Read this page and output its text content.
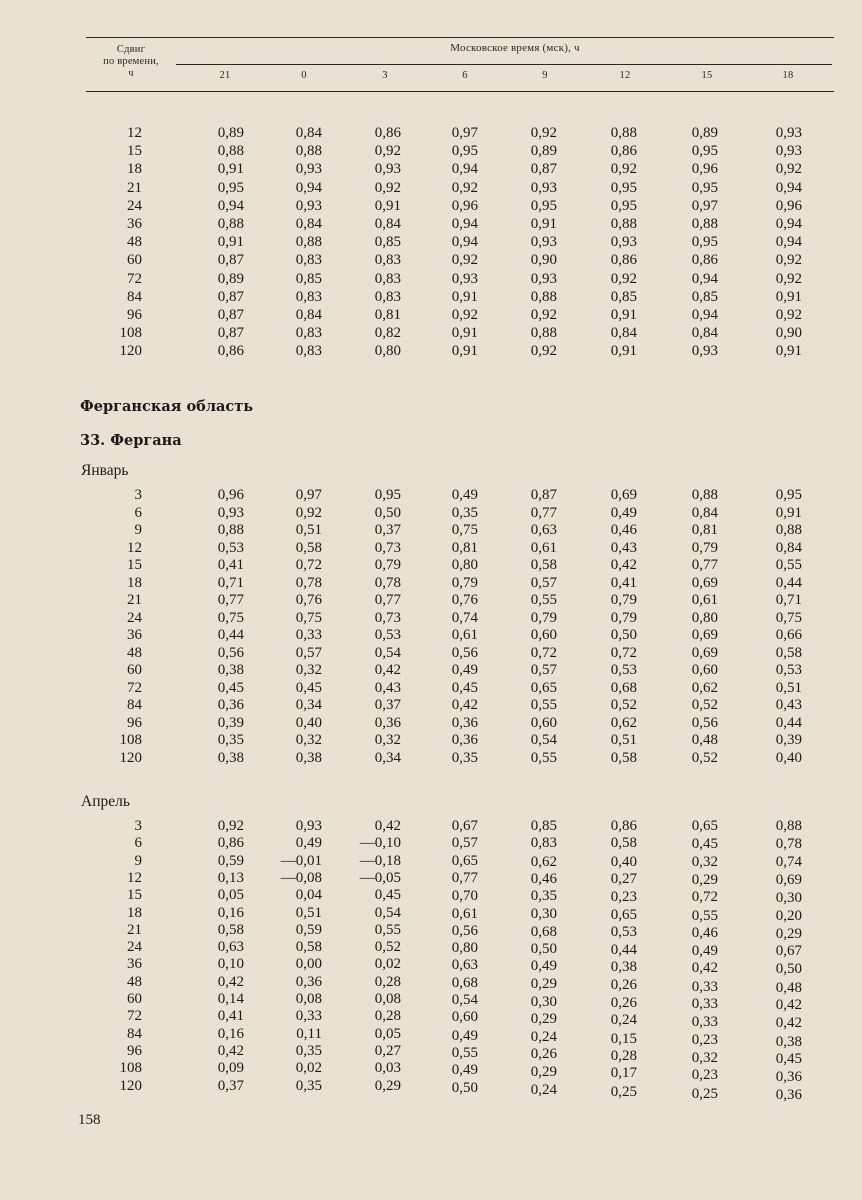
Сдвиг
по времени,
ч
Московское время (мск), ч
21	0	3	6	9	12	15	18
12	0,89	0,84	0,86	0,97	0,92	0,88	0,89	0,93
15	0,88	0,88	0,92	0,95	0,89	0,86	0,95	0,93
18	0,91	0,93	0,93	0,94	0,87	0,92	0,96	0,92
21	0,95	0,94	0,92	0,92	0,93	0,95	0,95	0,94
24	0,94	0,93	0,91	0,96	0,95	0,95	0,97	0,96
36	0,88	0,84	0,84	0,94	0,91	0,88	0,88	0,94
48	0,91	0,88	0,85	0,94	0,93	0,93	0,95	0,94
60	0,87	0,83	0,83	0,92	0,90	0,86	0,86	0,92
72	0,89	0,85	0,83	0,93	0,93	0,92	0,94	0,92
84	0,87	0,83	0,83	0,91	0,88	0,85	0,85	0,91
96	0,87	0,84	0,81	0,92	0,92	0,91	0,94	0,92
108	0,87	0,83	0,82	0,91	0,88	0,84	0,84	0,90
120	0,86	0,83	0,80	0,91	0,92	0,91	0,93	0,91
Ферганская область
33. Фергана
Январь
3	0,96	0,97	0,95	0,49	0,87	0,69	0,88	0,95
6	0,93	0,92	0,50	0,35	0,77	0,49	0,84	0,91
9	0,88	0,51	0,37	0,75	0,63	0,46	0,81	0,88
12	0,53	0,58	0,73	0,81	0,61	0,43	0,79	0,84
15	0,41	0,72	0,79	0,80	0,58	0,42	0,77	0,55
18	0,71	0,78	0,78	0,79	0,57	0,41	0,69	0,44
21	0,77	0,76	0,77	0,76	0,55	0,79	0,61	0,71
24	0,75	0,75	0,73	0,74	0,79	0,79	0,80	0,75
36	0,44	0,33	0,53	0,61	0,60	0,50	0,69	0,66
48	0,56	0,57	0,54	0,56	0,72	0,72	0,69	0,58
60	0,38	0,32	0,42	0,49	0,57	0,53	0,60	0,53
72	0,45	0,45	0,43	0,45	0,65	0,68	0,62	0,51
84	0,36	0,34	0,37	0,42	0,55	0,52	0,52	0,43
96	0,39	0,40	0,36	0,36	0,60	0,62	0,56	0,44
108	0,35	0,32	0,32	0,36	0,54	0,51	0,48	0,39
120	0,38	0,38	0,34	0,35	0,55	0,58	0,52	0,40
Апрель
3	0,92	0,93	0,42	0,67	0,85	0,86	0,65	0,88
6	0,86	0,49	—0,10	0,57	0,83	0,58	0,45	0,78
9	0,59	—0,01	—0,18	0,65	0,62	0,40	0,32	0,74
12	0,13	—0,08	—0,05	0,77	0,46	0,27	0,29	0,69
15	0,05	0,04	0,45	0,70	0,35	0,23	0,72	0,30
18	0,16	0,51	0,54	0,61	0,30	0,65	0,55	0,20
21	0,58	0,59	0,55	0,56	0,68	0,53	0,46	0,29
24	0,63	0,58	0,52	0,80	0,50	0,44	0,49	0,67
36	0,10	0,00	0,02	0,63	0,49	0,38	0,42	0,50
48	0,42	0,36	0,28	0,68	0,29	0,26	0,33	0,48
60	0,14	0,08	0,08	0,54	0,30	0,26	0,33	0,42
72	0,41	0,33	0,28	0,60	0,29	0,24	0,33	0,42
84	0,16	0,11	0,05	0,49	0,24	0,15	0,23	0,38
96	0,42	0,35	0,27	0,55	0,26	0,28	0,32	0,45
108	0,09	0,02	0,03	0,49	0,29	0,17	0,23	0,36
120	0,37	0,35	0,29	0,50	0,24	0,25	0,25	0,36
158
